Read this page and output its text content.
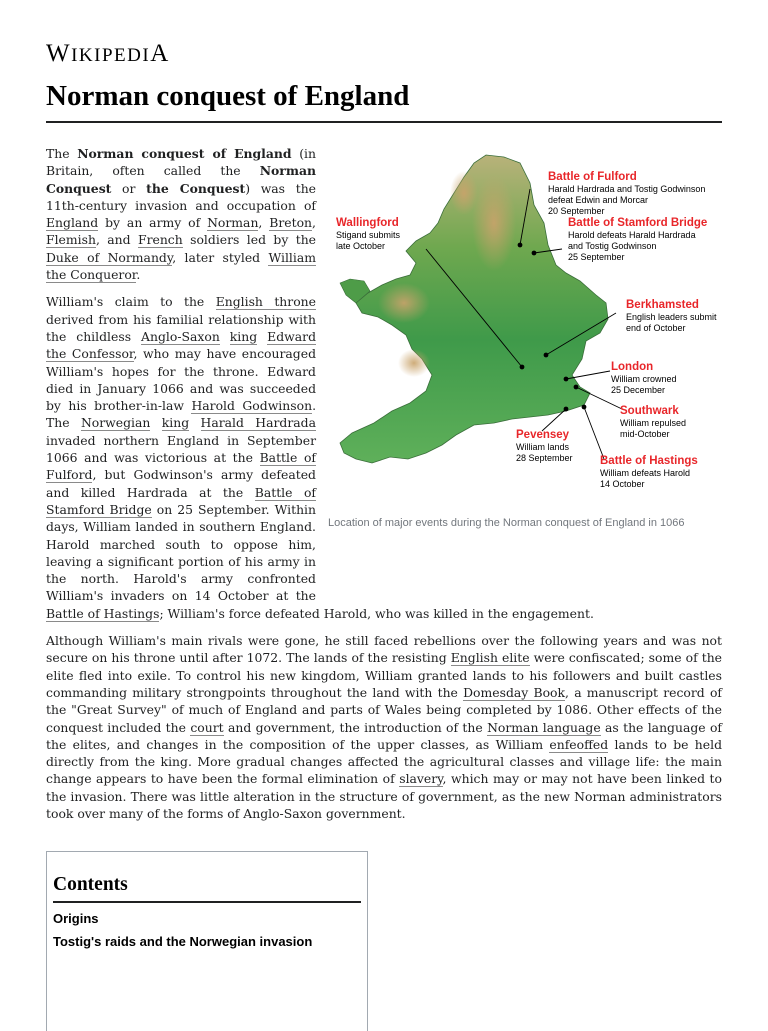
WIKIPEDIA
Norman conquest of England
Battle of Fulford
Harald Hardrada and Tostig Godwinson
defeat Edwin and Morcar
20 September
Wallingford
Stigand submits
late October
Battle of Stamford Bridge
Harold defeats Harald Hardrada
and Tostig Godwinson
25 September
Berkhamsted
English leaders submit
end of October
London
William crowned
25 December
Southwark
William repulsed
mid-October
Pevensey
William lands
28 September Battle of Hastings
William defeats Harold
14 October
Location of major events during the Norman conquest of England in 1066

The Norman conquest of England (in Britain, often called the Norman Conquest or the Conquest) was the 11th-century invasion and occupation of England by an army of Norman, Breton, Flemish, and French soldiers led by the Duke of Normandy, later styled William the Conqueror.

William's claim to the English throne derived from his familial relationship with the childless Anglo-Saxon king Edward the Confessor, who may have encouraged William's hopes for the throne. Edward died in January 1066 and was succeeded by his brother-in-law Harold Godwinson. The Norwegian king Harald Hardrada invaded northern England in September 1066 and was victorious at the Battle of Fulford, but Godwinson's army defeated and killed Hardrada at the Battle of Stamford Bridge on 25 September. Within days, William landed in southern England. Harold marched south to oppose him, leaving a significant portion of his army in the north. Harold's army confronted William's invaders on 14 October at the Battle of Hastings; William's force defeated Harold, who was killed in the engagement.

Although William's main rivals were gone, he still faced rebellions over the following years and was not secure on his throne until after 1072. The lands of the resisting English elite were confiscated; some of the elite fled into exile. To control his new kingdom, William granted lands to his followers and built castles commanding military strongpoints throughout the land with the Domesday Book, a manuscript record of the "Great Survey" of much of England and parts of Wales being completed by 1086. Other effects of the conquest included the court and government, the introduction of the Norman language as the language of the elites, and changes in the composition of the upper classes, as William enfeoffed lands to be held directly from the king. More gradual changes affected the agricultural classes and village life: the main change appears to have been the formal elimination of slavery, which may or may not have been linked to the invasion. There was little alteration in the structure of government, as the new Norman administrators took over many of the forms of Anglo-Saxon government.

Contents
Origins
Tostig's raids and the Norwegian invasion
